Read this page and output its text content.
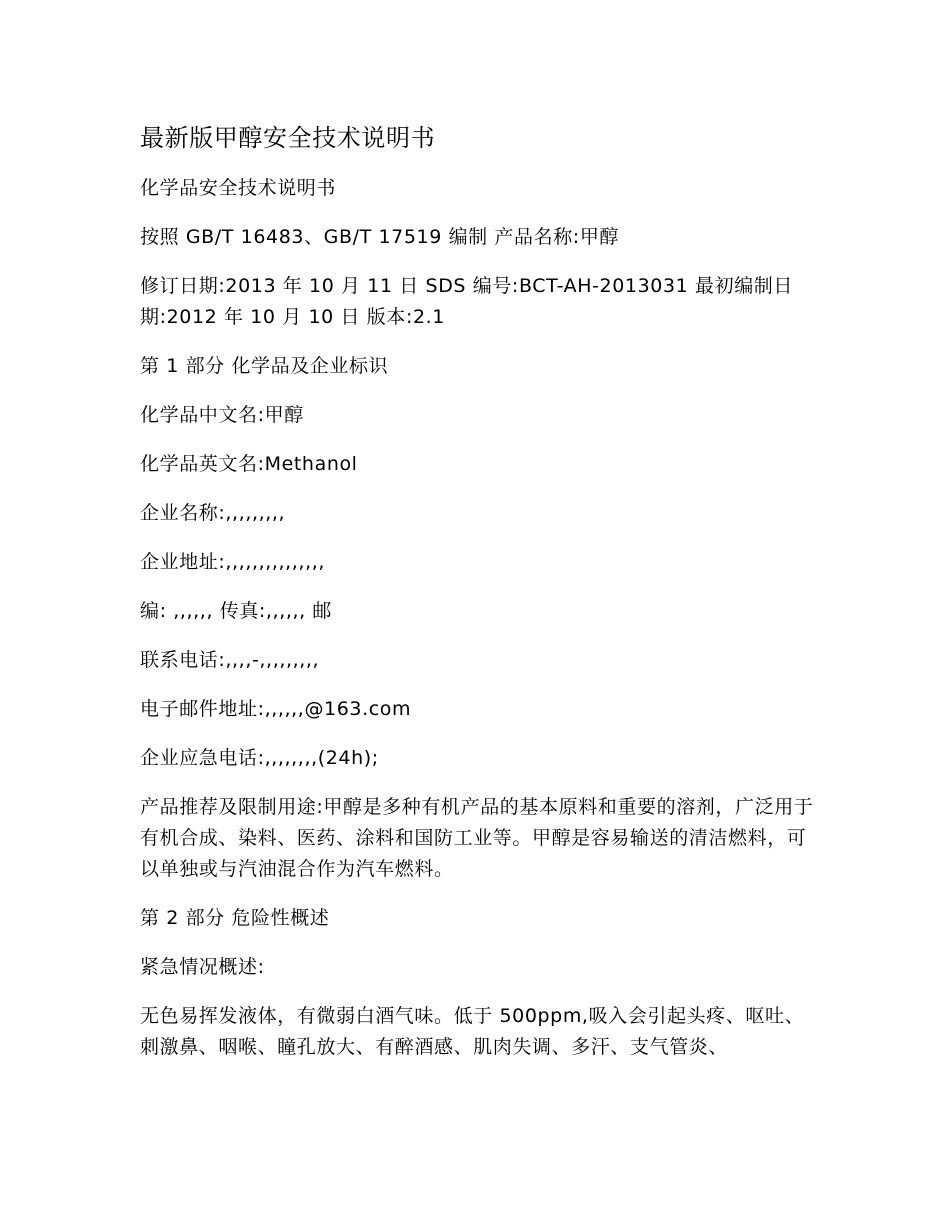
最新版甲醇安全技术说明书
化学品安全技术说明书
按照 GB/T 16483、GB/T 17519 编制 产品名称:甲醇
修订日期:2013 年 10 月 11 日 SDS 编号:BCT-AH-2013031 最初编制日期:2012 年 10 月 10 日 版本:2.1
第 1 部分 化学品及企业标识
化学品中文名:甲醇
化学品英文名:Methanol
企业名称:,,,,,,,,,
企业地址:,,,,,,,,,,,,,,,
编: ,,,,,, 传真:,,,,,, 邮
联系电话:,,,,-,,,,,,,,,
电子邮件地址:,,,,,,@163.com
企业应急电话:,,,,,,,,(24h);
产品推荐及限制用途:甲醇是多种有机产品的基本原料和重要的溶剂，广泛用于有机合成、染料、医药、涂料和国防工业等。甲醇是容易输送的清洁燃料，可以单独或与汽油混合作为汽车燃料。
第 2 部分 危险性概述
紧急情况概述:
无色易挥发液体，有微弱白酒气味。低于 500ppm,吸入会引起头疼、呕吐、刺激鼻、咽喉、瞳孔放大、有醉酒感、肌肉失调、多汗、支气管炎、
